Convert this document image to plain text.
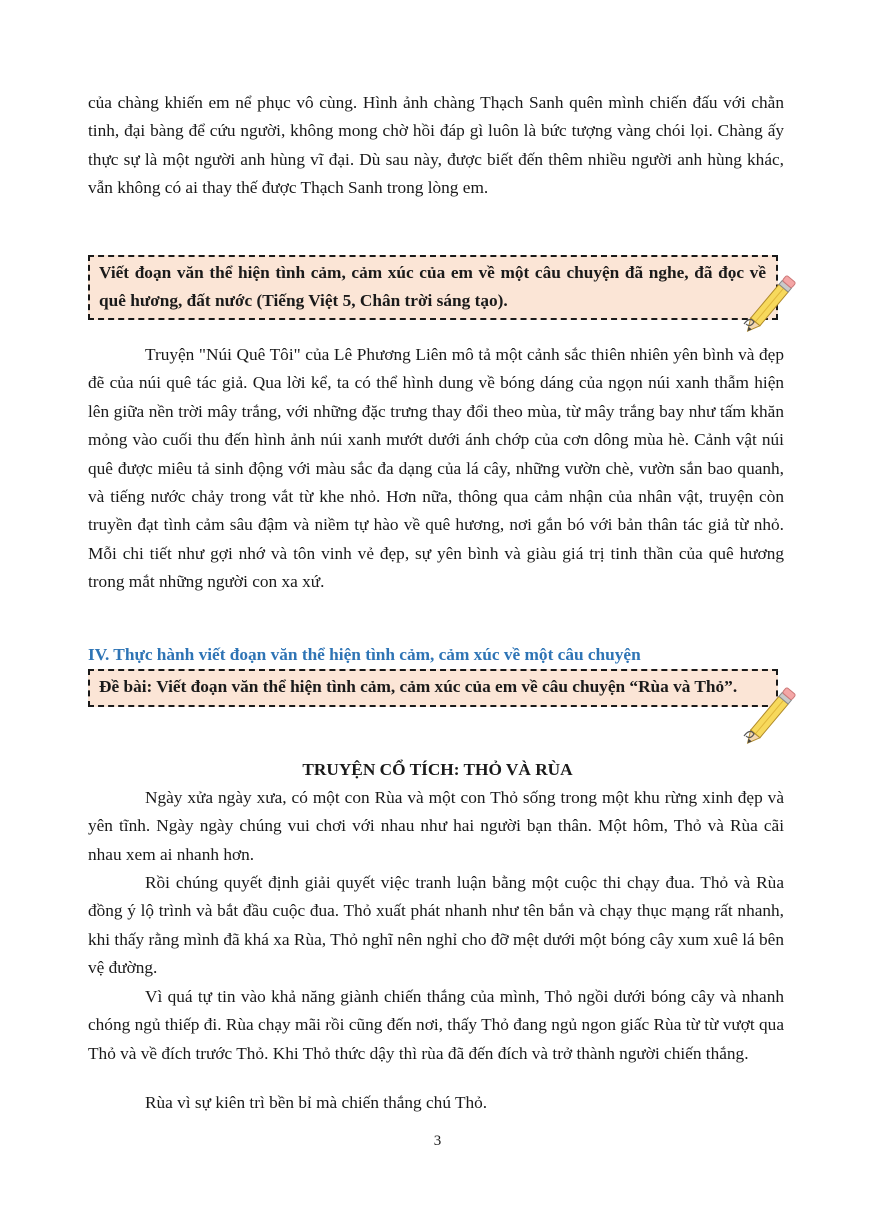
của chàng khiến em nể phục vô cùng. Hình ảnh chàng Thạch Sanh quên mình chiến đấu với chằn tinh, đại bàng để cứu người, không mong chờ hồi đáp gì luôn là bức tượng vàng chói lọi. Chàng ấy thực sự là một người anh hùng vĩ đại. Dù sau này, được biết đến thêm nhiều người anh hùng khác, vẫn không có ai thay thế được Thạch Sanh trong lòng em.

Viết đoạn văn thể hiện tình cảm, cảm xúc của em về một câu chuyện đã nghe, đã đọc về quê hương, đất nước (Tiếng Việt 5, Chân trời sáng tạo).

Truyện "Núi Quê Tôi" của Lê Phương Liên mô tả một cảnh sắc thiên nhiên yên bình và đẹp đẽ của núi quê tác giả. Qua lời kể, ta có thể hình dung về bóng dáng của ngọn núi xanh thẫm hiện lên giữa nền trời mây trắng, với những đặc trưng thay đổi theo mùa, từ mây trắng bay như tấm khăn mỏng vào cuối thu đến hình ảnh núi xanh mướt dưới ánh chớp của cơn dông mùa hè. Cảnh vật núi quê được miêu tả sinh động với màu sắc đa dạng của lá cây, những vườn chè, vườn sắn bao quanh, và tiếng nước chảy trong vắt từ khe nhỏ. Hơn nữa, thông qua cảm nhận của nhân vật, truyện còn truyền đạt tình cảm sâu đậm và niềm tự hào về quê hương, nơi gắn bó với bản thân tác giả từ nhỏ. Mỗi chi tiết như gợi nhớ và tôn vinh vẻ đẹp, sự yên bình và giàu giá trị tinh thần của quê hương trong mắt những người con xa xứ.

IV. Thực hành viết đoạn văn thể hiện tình cảm, cảm xúc về một câu chuyện
Đề bài: Viết đoạn văn thể hiện tình cảm, cảm xúc của em về câu chuyện “Rùa và Thỏ”.
TRUYỆN CỔ TÍCH: THỎ VÀ RÙA

Ngày xửa ngày xưa, có một con Rùa và một con Thỏ sống trong một khu rừng xinh đẹp và yên tĩnh. Ngày ngày chúng vui chơi với nhau như hai người bạn thân. Một hôm, Thỏ và Rùa cãi nhau xem ai nhanh hơn.

Rồi chúng quyết định giải quyết việc tranh luận bằng một cuộc thi chạy đua. Thỏ và Rùa đồng ý lộ trình và bắt đầu cuộc đua. Thỏ xuất phát nhanh như tên bắn và chạy thục mạng rất nhanh, khi thấy rằng mình đã khá xa Rùa, Thỏ nghĩ nên nghỉ cho đỡ mệt dưới một bóng cây xum xuê lá bên vệ đường.

Vì quá tự tin vào khả năng giành chiến thắng của mình, Thỏ ngồi dưới bóng cây và nhanh chóng ngủ thiếp đi. Rùa chạy mãi rồi cũng đến nơi, thấy Thỏ đang ngủ ngon giấc Rùa từ từ vượt qua Thỏ và về đích trước Thỏ. Khi Thỏ thức dậy thì rùa đã đến đích và trở thành người chiến thắng.

Rùa vì sự kiên trì bền bỉ mà chiến thắng chú Thỏ.

3
